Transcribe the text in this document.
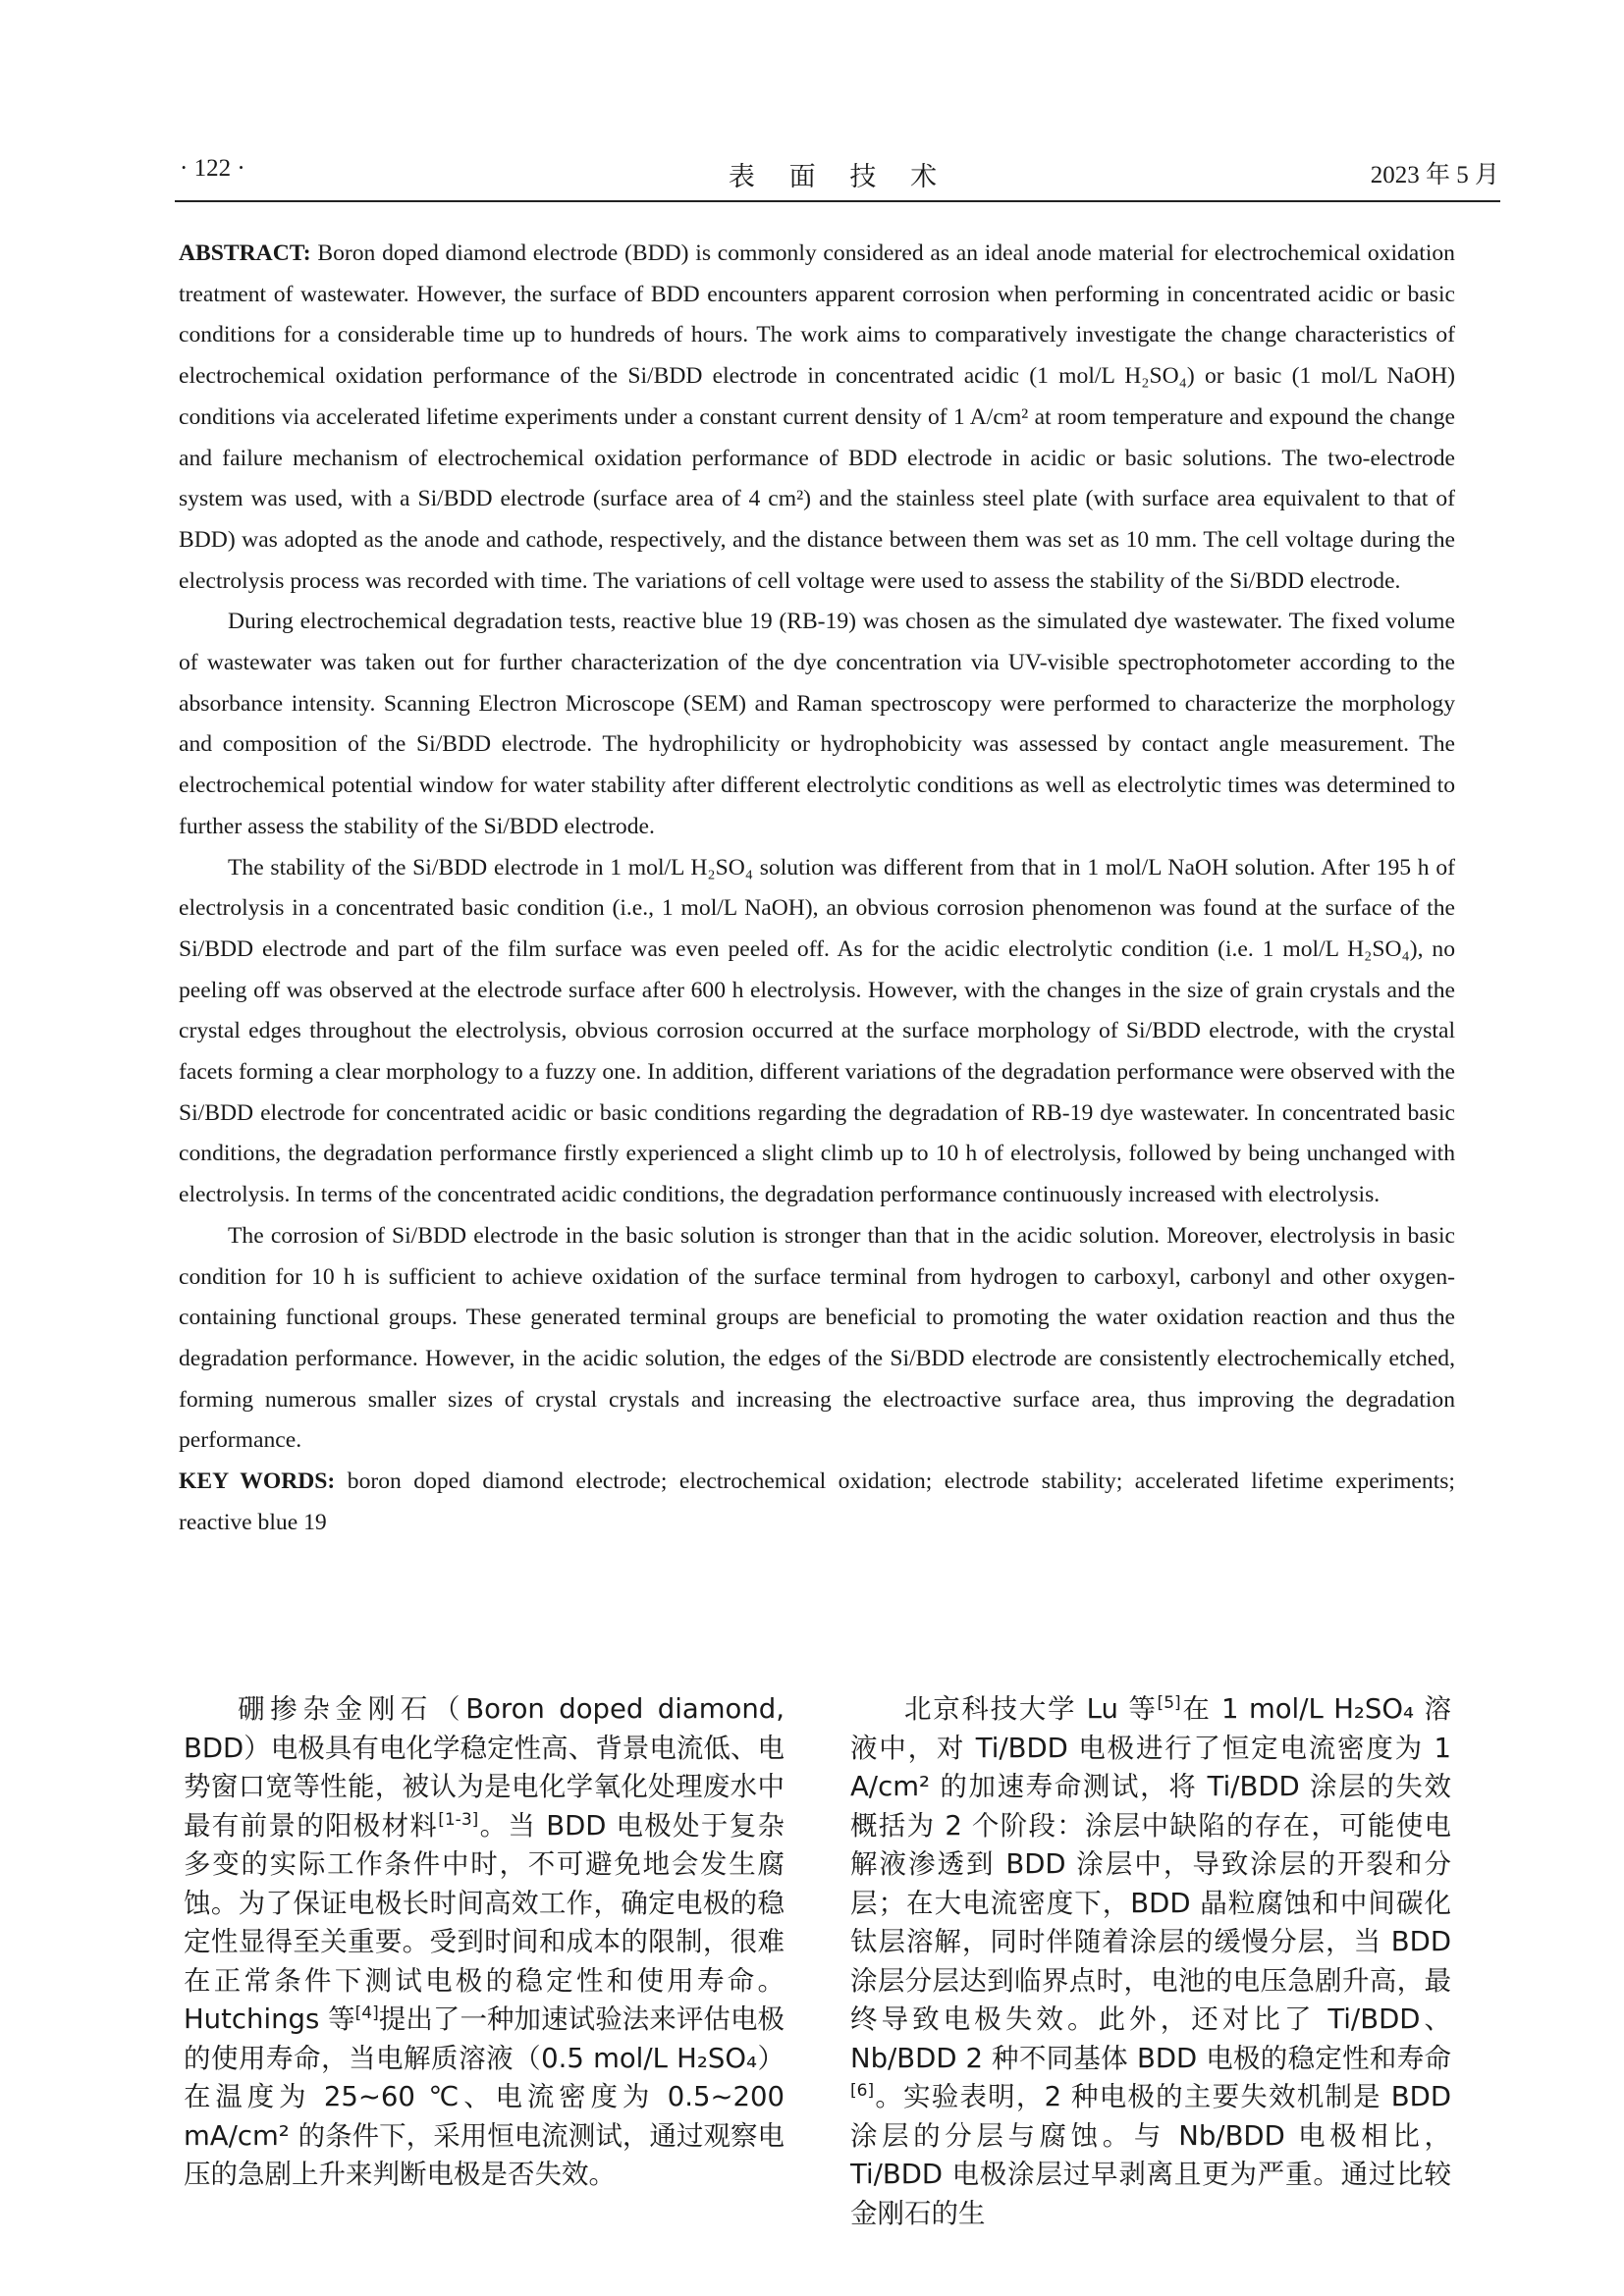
· 122 ·	表 面 技 术	2023 年 5 月

ABSTRACT: Boron doped diamond electrode (BDD) is commonly considered as an ideal anode material for electrochemical oxidation treatment of wastewater. However, the surface of BDD encounters apparent corrosion when performing in concentrated acidic or basic conditions for a considerable time up to hundreds of hours. The work aims to comparatively investigate the change characteristics of electrochemical oxidation performance of the Si/BDD electrode in concentrated acidic (1 mol/L H₂SO₄) or basic (1 mol/L NaOH) conditions via accelerated lifetime experiments under a constant current density of 1 A/cm² at room temperature and expound the change and failure mechanism of electrochemical oxidation performance of BDD electrode in acidic or basic solutions. The two-electrode system was used, with a Si/BDD electrode (surface area of 4 cm²) and the stainless steel plate (with surface area equivalent to that of BDD) was adopted as the anode and cathode, respectively, and the distance between them was set as 10 mm. The cell voltage during the electrolysis process was recorded with time. The variations of cell voltage were used to assess the stability of the Si/BDD electrode.

During electrochemical degradation tests, reactive blue 19 (RB-19) was chosen as the simulated dye wastewater. The fixed volume of wastewater was taken out for further characterization of the dye concentration via UV-visible spectrophotometer according to the absorbance intensity. Scanning Electron Microscope (SEM) and Raman spectroscopy were performed to characterize the morphology and composition of the Si/BDD electrode. The hydrophilicity or hydrophobicity was assessed by contact angle measurement. The electrochemical potential window for water stability after different electrolytic conditions as well as electrolytic times was determined to further assess the stability of the Si/BDD electrode.

The stability of the Si/BDD electrode in 1 mol/L H₂SO₄ solution was different from that in 1 mol/L NaOH solution. After 195 h of electrolysis in a concentrated basic condition (i.e., 1 mol/L NaOH), an obvious corrosion phenomenon was found at the surface of the Si/BDD electrode and part of the film surface was even peeled off. As for the acidic electrolytic condition (i.e. 1 mol/L H₂SO₄), no peeling off was observed at the electrode surface after 600 h electrolysis. However, with the changes in the size of grain crystals and the crystal edges throughout the electrolysis, obvious corrosion occurred at the surface morphology of Si/BDD electrode, with the crystal facets forming a clear morphology to a fuzzy one. In addition, different variations of the degradation performance were observed with the Si/BDD electrode for concentrated acidic or basic conditions regarding the degradation of RB-19 dye wastewater. In concentrated basic conditions, the degradation performance firstly experienced a slight climb up to 10 h of electrolysis, followed by being unchanged with electrolysis. In terms of the concentrated acidic conditions, the degradation performance continuously increased with electrolysis.

The corrosion of Si/BDD electrode in the basic solution is stronger than that in the acidic solution. Moreover, electrolysis in basic condition for 10 h is sufficient to achieve oxidation of the surface terminal from hydrogen to carboxyl, carbonyl and other oxygen-containing functional groups. These generated terminal groups are beneficial to promoting the water oxidation reaction and thus the degradation performance. However, in the acidic solution, the edges of the Si/BDD electrode are consistently electrochemically etched, forming numerous smaller sizes of crystal crystals and increasing the electroactive surface area, thus improving the degradation performance.

KEY WORDS: boron doped diamond electrode; electrochemical oxidation; electrode stability; accelerated lifetime experiments; reactive blue 19

硼掺杂金刚石（Boron doped diamond, BDD）电极具有电化学稳定性高、背景电流低、电势窗口宽等性能，被认为是电化学氧化处理废水中最有前景的阳极材料[1-3]。当 BDD 电极处于复杂多变的实际工作条件中时，不可避免地会发生腐蚀。为了保证电极长时间高效工作，确定电极的稳定性显得至关重要。受到时间和成本的限制，很难在正常条件下测试电极的稳定性和使用寿命。Hutchings 等[4]提出了一种加速试验法来评估电极的使用寿命，当电解质溶液（0.5 mol/L H₂SO₄）在温度为 25~60 ℃、电流密度为 0.5~200 mA/cm² 的条件下，采用恒电流测试，通过观察电压的急剧上升来判断电极是否失效。
北京科技大学 Lu 等[5]在 1 mol/L H₂SO₄ 溶液中，对 Ti/BDD 电极进行了恒定电流密度为 1 A/cm² 的加速寿命测试，将 Ti/BDD 涂层的失效概括为 2 个阶段：涂层中缺陷的存在，可能使电解液渗透到 BDD 涂层中，导致涂层的开裂和分层；在大电流密度下，BDD 晶粒腐蚀和中间碳化钛层溶解，同时伴随着涂层的缓慢分层，当 BDD 涂层分层达到临界点时，电池的电压急剧升高，最终导致电极失效。此外，还对比了 Ti/BDD、Nb/BDD 2 种不同基体 BDD 电极的稳定性和寿命[6]。实验表明，2 种电极的主要失效机制是 BDD 涂层的分层与腐蚀。与 Nb/BDD 电极相比，Ti/BDD 电极涂层过早剥离且更为严重。通过比较金刚石的生
